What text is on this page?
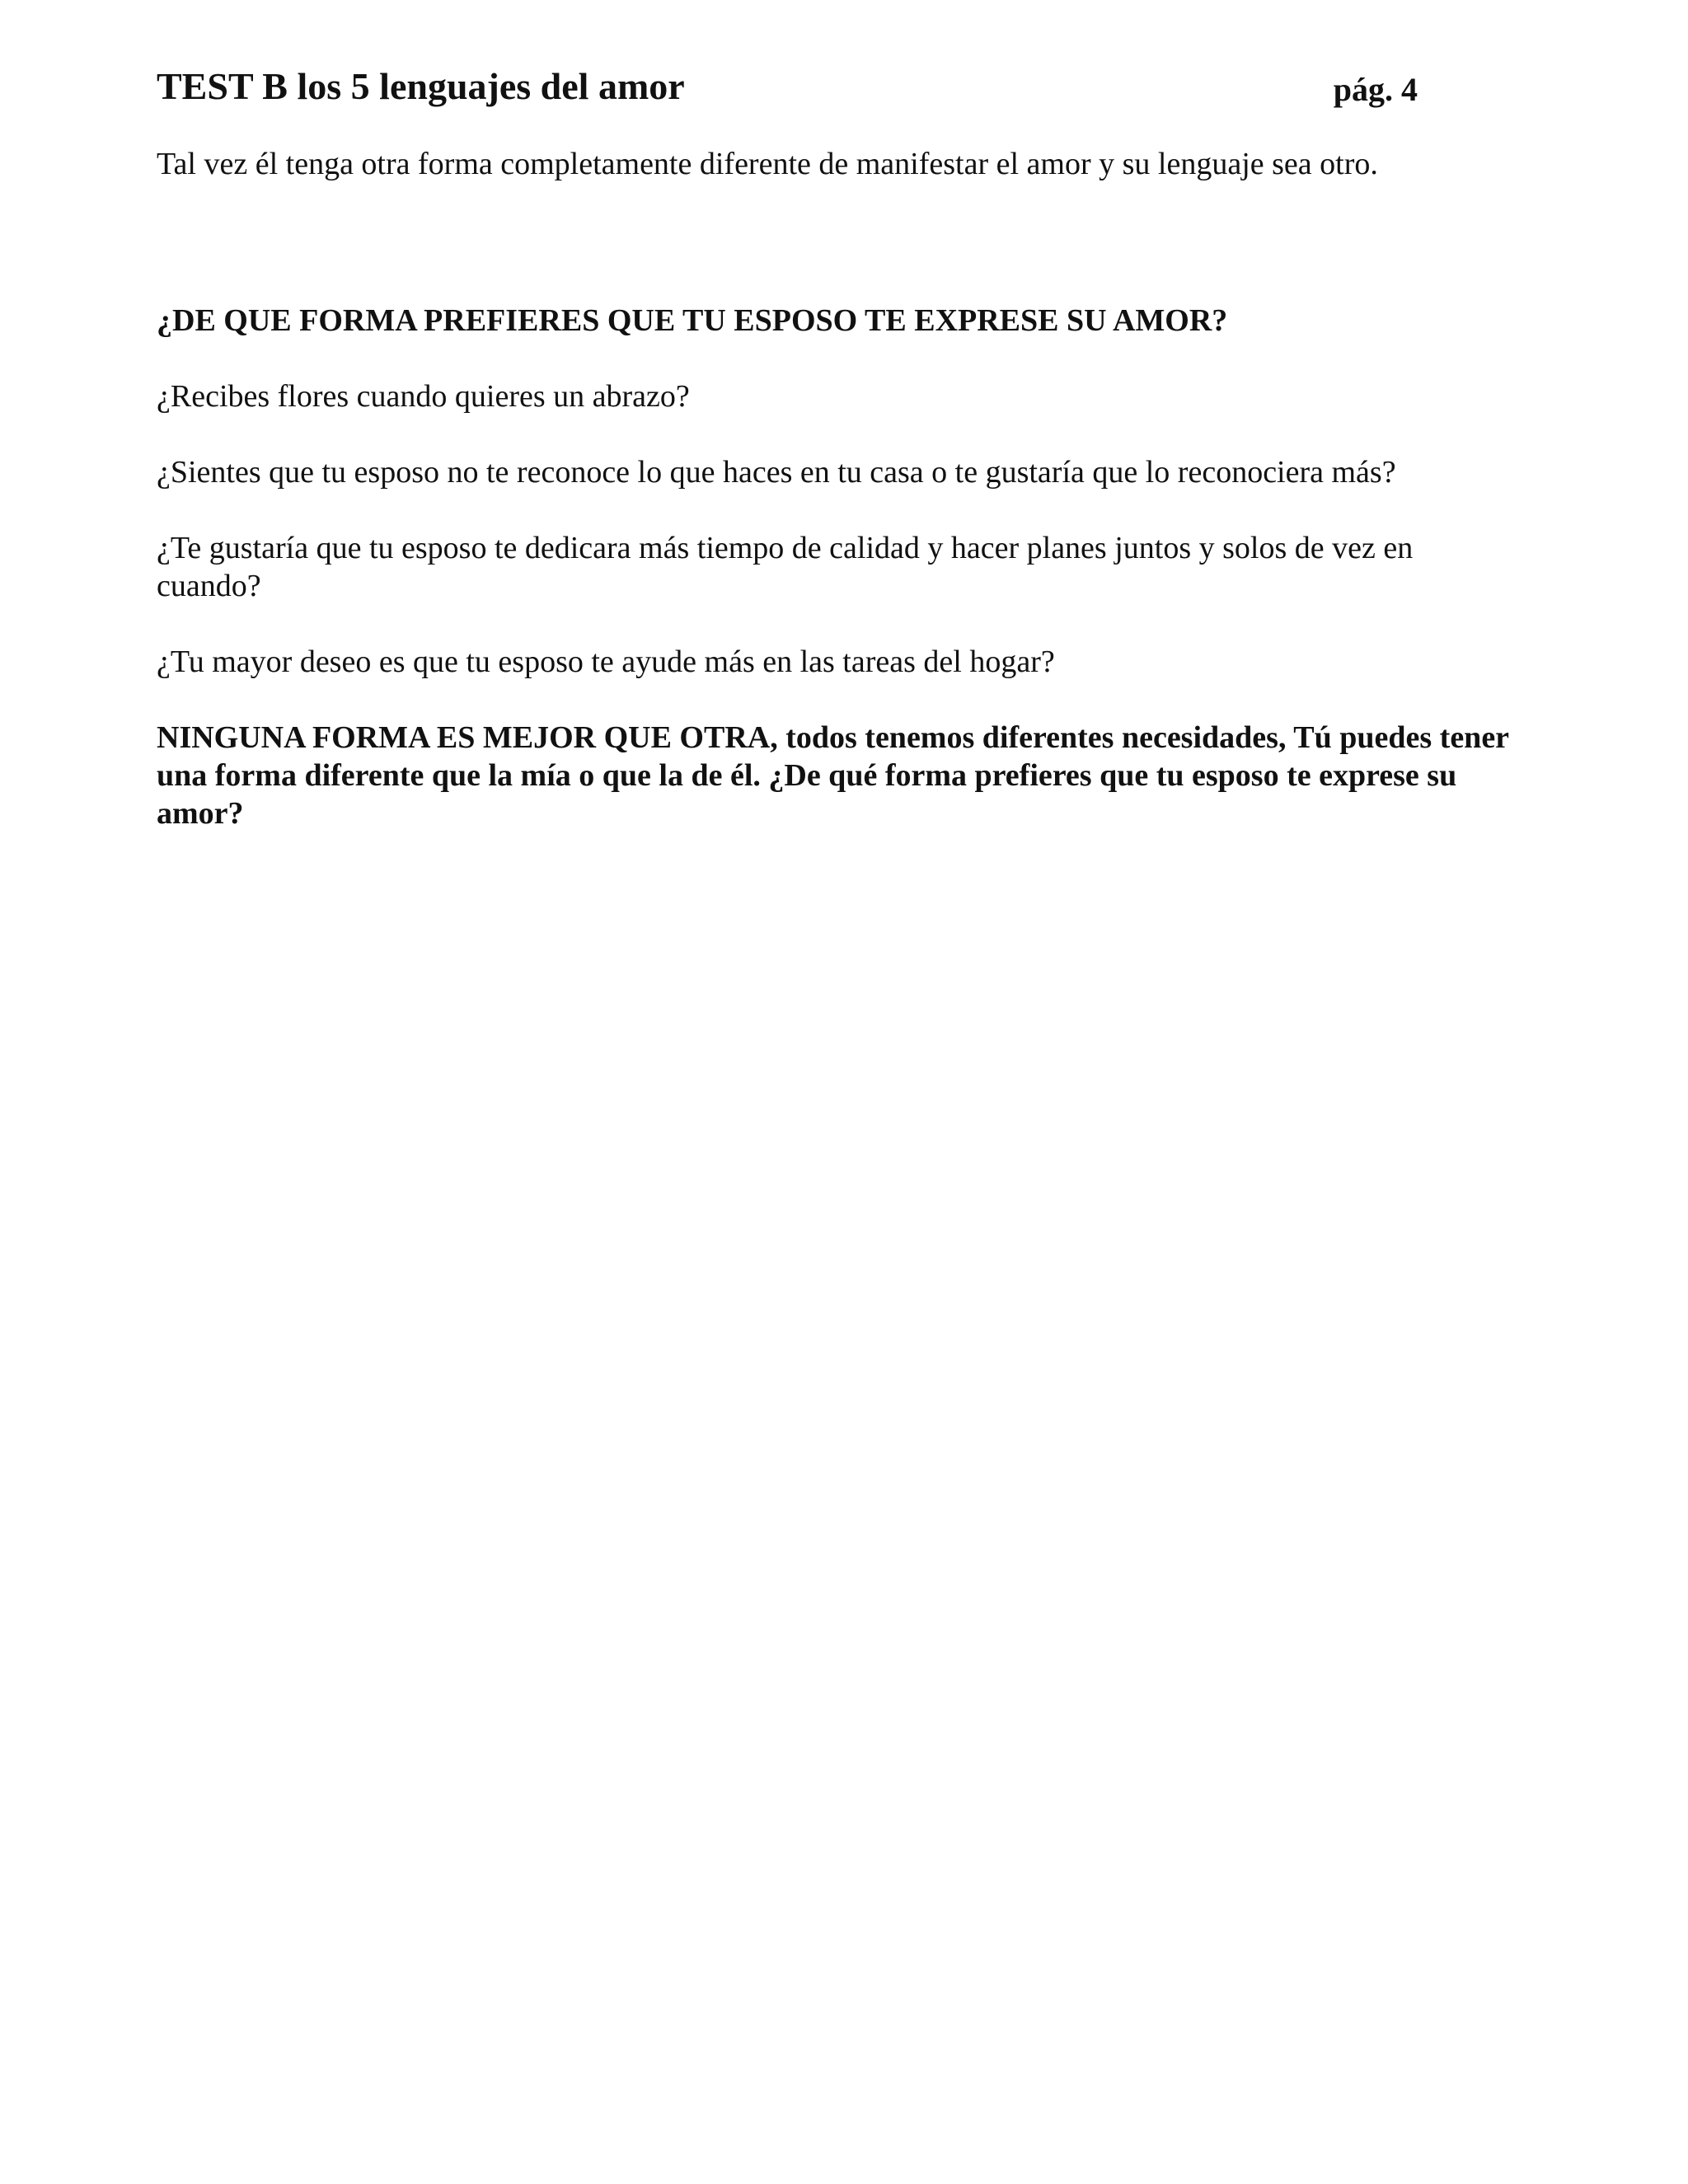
TEST B los 5 lenguajes del amor	pág. 4

Tal vez él tenga otra forma completamente diferente de manifestar el amor y su lenguaje sea otro.

¿DE QUE FORMA PREFIERES QUE TU ESPOSO TE EXPRESE SU AMOR?

¿Recibes flores cuando quieres un abrazo?

¿Sientes que tu esposo no te reconoce lo que haces en tu casa o te gustaría que lo reconociera más?

¿Te gustaría que tu esposo te dedicara más tiempo de calidad y hacer planes juntos y solos de vez en cuando?

¿Tu mayor deseo es que tu esposo te ayude más en las tareas del hogar?

NINGUNA FORMA ES MEJOR QUE OTRA, todos tenemos diferentes necesidades, Tú puedes tener una forma diferente que la mía o que la de él. ¿De qué forma prefieres que tu esposo te exprese su amor?
